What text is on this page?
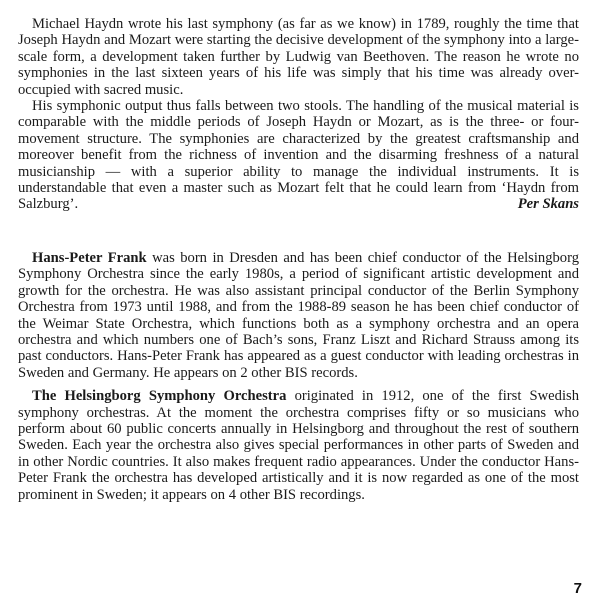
Michael Haydn wrote his last symphony (as far as we know) in 1789, roughly the time that Joseph Haydn and Mozart were starting the decisive development of the symphony into a large-scale form, a development taken further by Ludwig van Beethoven. The reason he wrote no symphonies in the last sixteen years of his life was simply that his time was already over-occupied with sacred music.

His symphonic output thus falls between two stools. The handling of the musical material is comparable with the middle periods of Joseph Haydn or Mozart, as is the three- or four-movement structure. The symphonies are characterized by the greatest craftsmanship and moreover benefit from the richness of invention and the disarming freshness of a natural musicianship — with a superior ability to manage the individual instruments. It is understandable that even a master such as Mozart felt that he could learn from ‘Haydn from Salzburg’.	Per Skans

Hans-Peter Frank was born in Dresden and has been chief conductor of the Helsingborg Symphony Orchestra since the early 1980s, a period of significant artistic development and growth for the orchestra. He was also assistant principal conductor of the Berlin Symphony Orchestra from 1973 until 1988, and from the 1988-89 season he has been chief conductor of the Weimar State Orchestra, which functions both as a symphony orchestra and an opera orchestra and which numbers one of Bach’s sons, Franz Liszt and Richard Strauss among its past conductors. Hans-Peter Frank has appeared as a guest conductor with leading orchestras in Sweden and Germany. He appears on 2 other BIS records.

The Helsingborg Symphony Orchestra originated in 1912, one of the first Swedish symphony orchestras. At the moment the orchestra comprises fifty or so musicians who perform about 60 public concerts annually in Helsingborg and throughout the rest of southern Sweden. Each year the orchestra also gives special performances in other parts of Sweden and in other Nordic countries. It also makes frequent radio appearances. Under the conductor Hans-Peter Frank the orchestra has developed artistically and it is now regarded as one of the most prominent in Sweden; it appears on 4 other BIS recordings.

7
